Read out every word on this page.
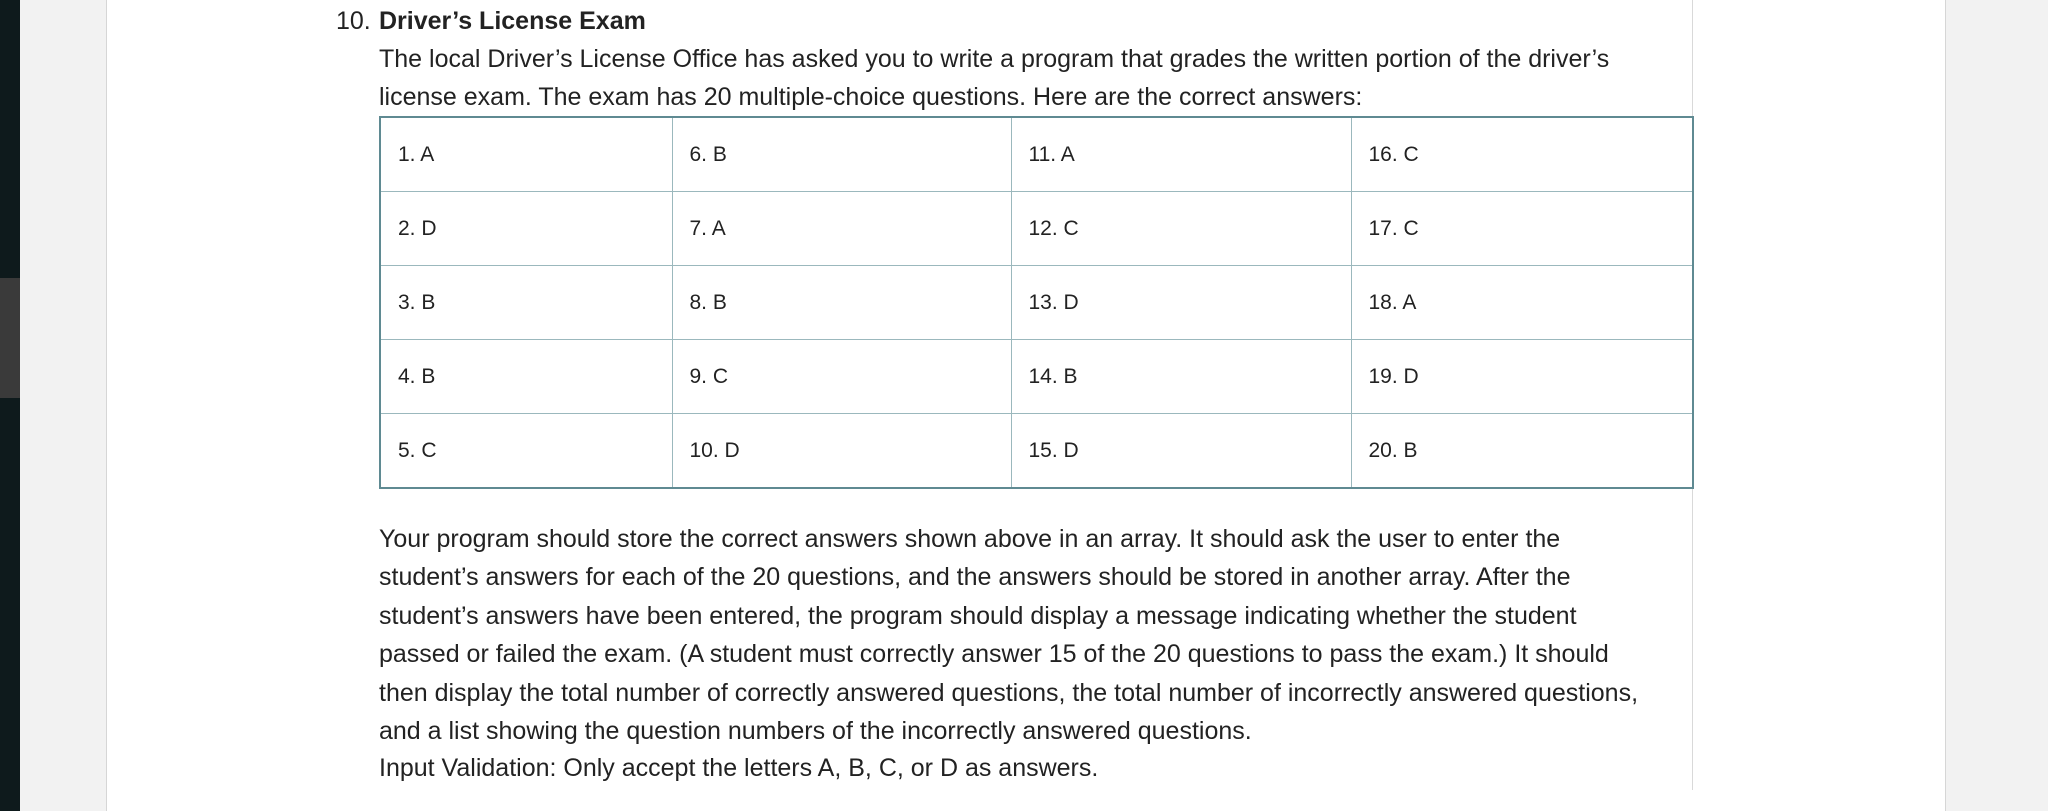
10. Driver’s License Exam
The local Driver’s License Office has asked you to write a program that grades the written portion of the driver’s
license exam. The exam has 20 multiple-choice questions. Here are the correct answers:
1. A	6. B	11. A	16. C
2. D	7. A	12. C	17. C
3. B	8. B	13. D	18. A
4. B	9. C	14. B	19. D
5. C	10. D	15. D	20. B
Your program should store the correct answers shown above in an array. It should ask the user to enter the
student’s answers for each of the 20 questions, and the answers should be stored in another array. After the
student’s answers have been entered, the program should display a message indicating whether the student
passed or failed the exam. (A student must correctly answer 15 of the 20 questions to pass the exam.) It should
then display the total number of correctly answered questions, the total number of incorrectly answered questions,
and a list showing the question numbers of the incorrectly answered questions.
Input Validation: Only accept the letters A, B, C, or D as answers.
